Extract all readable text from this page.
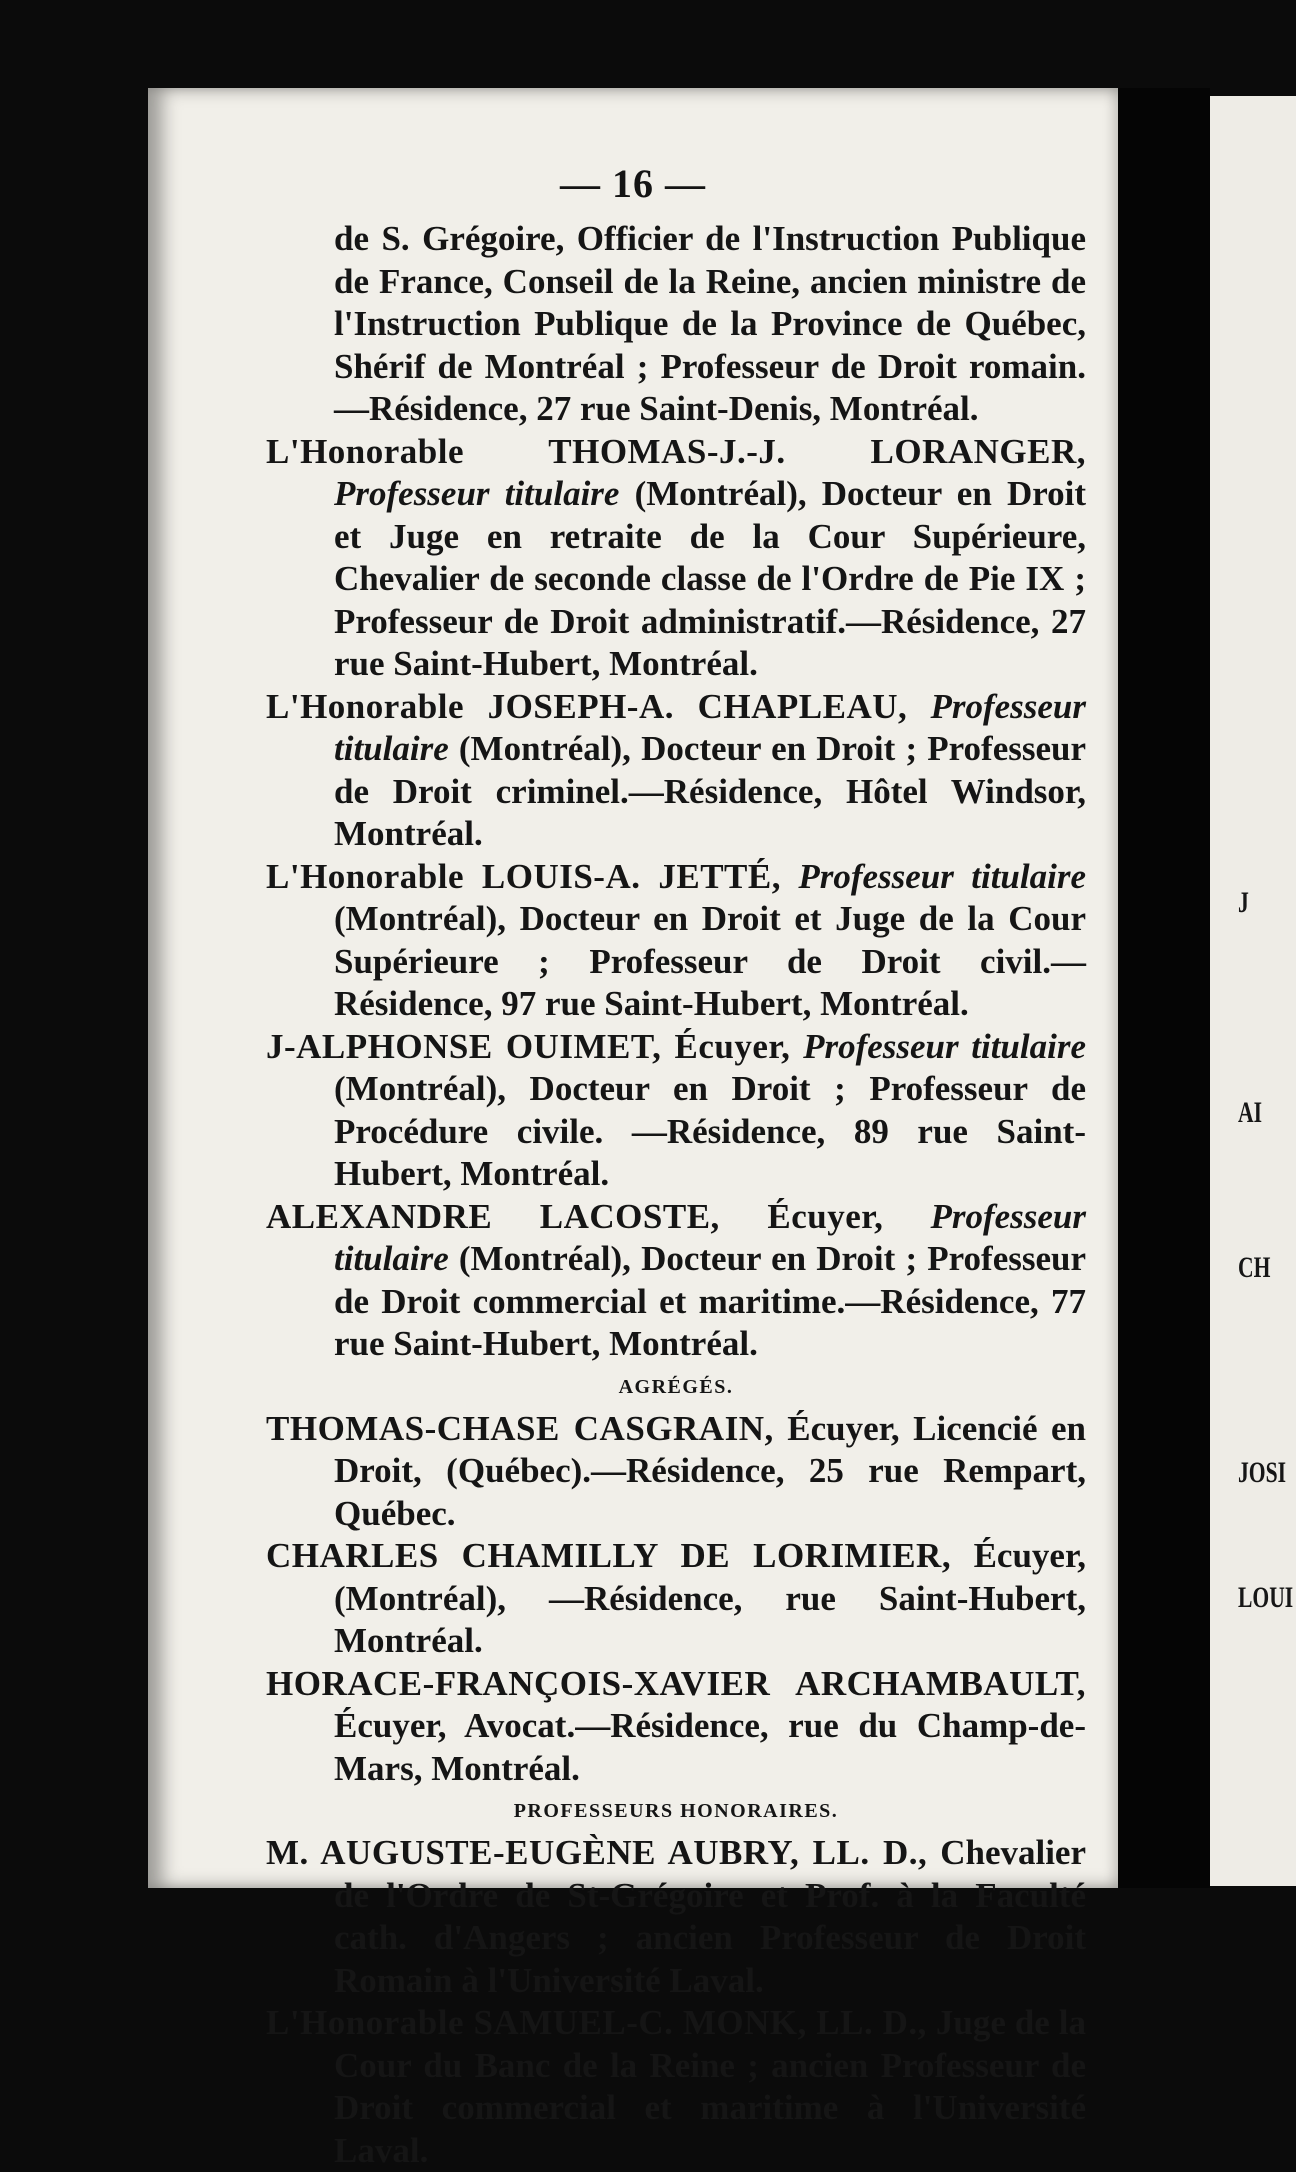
— 16 —

de S. Grégoire, Officier de l'Instruction Publique de France, Conseil de la Reine, ancien ministre de l'Instruction Publique de la Province de Québec, Shérif de Montréal ; Professeur de Droit romain.—Résidence, 27 rue Saint-Denis, Montréal.

L'Honorable THOMAS-J.-J. LORANGER, Professeur titulaire (Montréal), Docteur en Droit et Juge en retraite de la Cour Supérieure, Chevalier de seconde classe de l'Ordre de Pie IX ; Professeur de Droit administratif.—Résidence, 27 rue Saint-Hubert, Montréal.

L'Honorable JOSEPH-A. CHAPLEAU, Professeur titulaire (Montréal), Docteur en Droit ; Professeur de Droit criminel.—Résidence, Hôtel Windsor, Montréal.

L'Honorable LOUIS-A. JETTÉ, Professeur titulaire (Montréal), Docteur en Droit et Juge de la Cour Supérieure ; Professeur de Droit civil.—Résidence, 97 rue Saint-Hubert, Montréal.

J-ALPHONSE OUIMET, Écuyer, Professeur titulaire (Montréal), Docteur en Droit ; Professeur de Procédure civile. —Résidence, 89 rue Saint-Hubert, Montréal.

ALEXANDRE LACOSTE, Écuyer, Professeur titulaire (Montréal), Docteur en Droit ; Professeur de Droit commercial et maritime.—Résidence, 77 rue Saint-Hubert, Montréal.

AGRÉGÉS.

THOMAS-CHASE CASGRAIN, Écuyer, Licencié en Droit, (Québec).—Résidence, 25 rue Rempart, Québec.

CHARLES CHAMILLY DE LORIMIER, Écuyer, (Montréal), —Résidence, rue Saint-Hubert, Montréal.

HORACE-FRANÇOIS-XAVIER ARCHAMBAULT, Écuyer, Avocat.—Résidence, rue du Champ-de-Mars, Montréal.

PROFESSEURS HONORAIRES.

M. AUGUSTE-EUGÈNE AUBRY, LL. D., Chevalier de l'Ordre de St-Grégoire et Prof. à la Faculté cath. d'Angers ; ancien Professeur de Droit Romain à l'Université Laval.

L'Honorable SAMUEL-C. MONK, LL. D., Juge de la Cour du Banc de la Reine ; ancien Professeur de Droit commercial et maritime à l'Université Laval.

J
AI
CH
JOSI
LOUI
